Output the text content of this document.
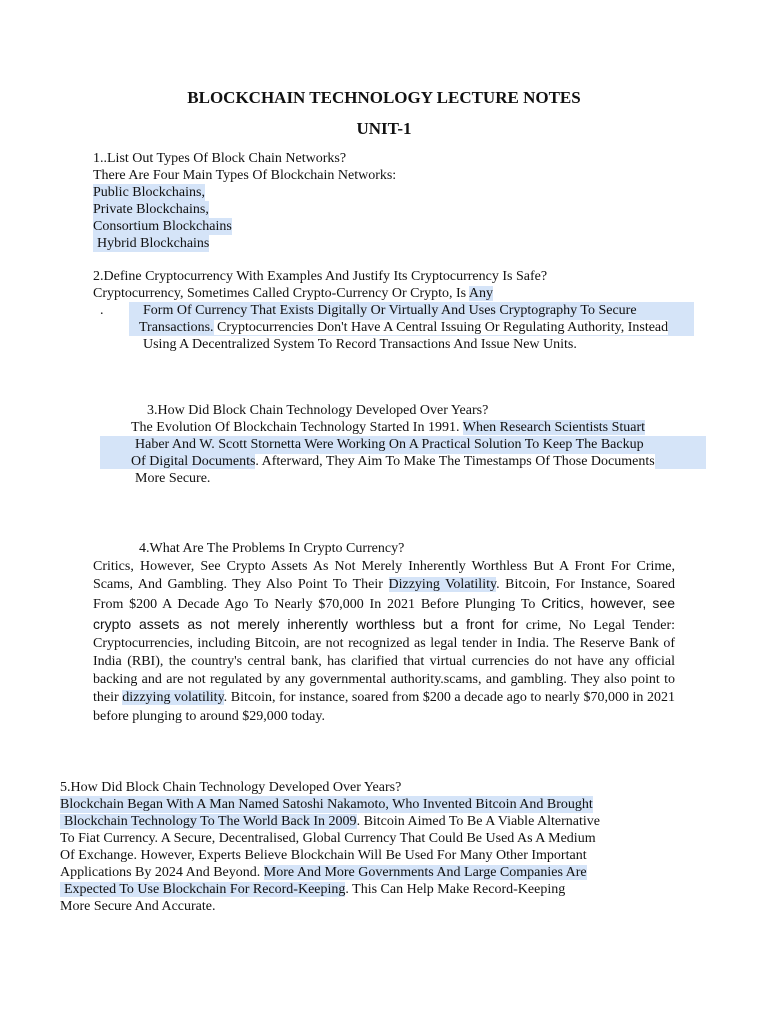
BLOCKCHAIN TECHNOLOGY LECTURE NOTES
UNIT-1
1..List Out Types Of Block Chain Networks?
There Are Four Main Types Of Blockchain Networks:
Public Blockchains,
Private Blockchains,
Consortium Blockchains
Hybrid Blockchains
2.Define Cryptocurrency With Examples And Justify Its Cryptocurrency Is Safe?
Cryptocurrency, Sometimes Called Crypto-Currency Or Crypto, Is Any
.	Form Of Currency That Exists Digitally Or Virtually And Uses Cryptography To Secure
Transactions. Cryptocurrencies Don't Have A Central Issuing Or Regulating Authority, Instead
Using A Decentralized System To Record Transactions And Issue New Units.
3.How Did Block Chain Technology Developed Over Years?
The Evolution Of Blockchain Technology Started In 1991. When Research Scientists Stuart
Haber And W. Scott Stornetta Were Working On A Practical Solution To Keep The Backup
Of Digital Documents. Afterward, They Aim To Make The Timestamps Of Those Documents
More Secure.
4.What Are The Problems In Crypto Currency?
Critics, However, See Crypto Assets As Not Merely Inherently Worthless But A Front For Crime, Scams, And Gambling. They Also Point To Their Dizzying Volatility. Bitcoin, For Instance, Soared From $200 A Decade Ago To Nearly $70,000 In 2021 Before Plunging To Critics, however, see crypto assets as not merely inherently worthless but a front for crime, No Legal Tender: Cryptocurrencies, including Bitcoin, are not recognized as legal tender in India. The Reserve Bank of India (RBI), the country's central bank, has clarified that virtual currencies do not have any official backing and are not regulated by any governmental authority.scams, and gambling. They also point to their dizzying volatility. Bitcoin, for instance, soared from $200 a decade ago to nearly $70,000 in 2021 before plunging to around $29,000 today.
5.How Did Block Chain Technology Developed Over Years?
Blockchain Began With A Man Named Satoshi Nakamoto, Who Invented Bitcoin And Brought
Blockchain Technology To The World Back In 2009. Bitcoin Aimed To Be A Viable Alternative
To Fiat Currency. A Secure, Decentralised, Global Currency That Could Be Used As A Medium
Of Exchange. However, Experts Believe Blockchain Will Be Used For Many Other Important
Applications By 2024 And Beyond. More And More Governments And Large Companies Are
Expected To Use Blockchain For Record-Keeping. This Can Help Make Record-Keeping
More Secure And Accurate.
